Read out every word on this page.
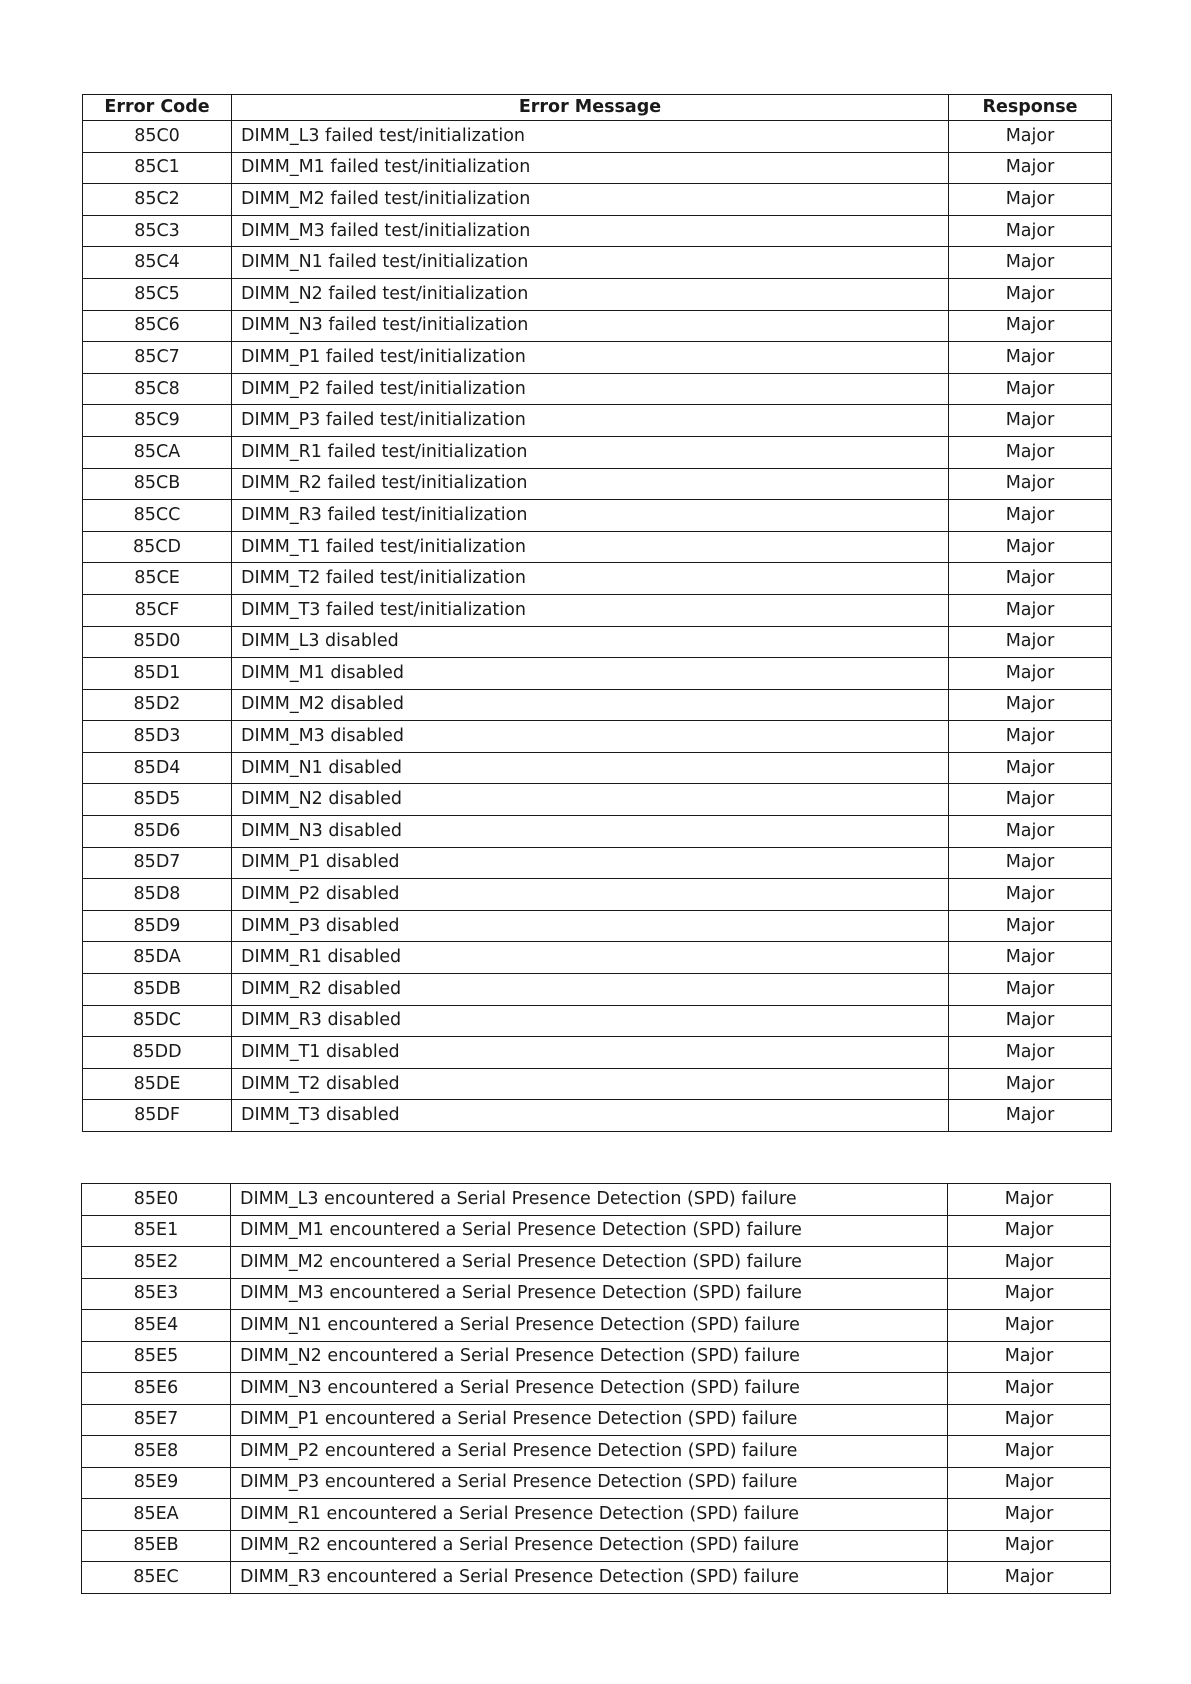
Error Code	Error Message	Response
85C0	DIMM_L3 failed test/initialization	Major
85C1	DIMM_M1 failed test/initialization	Major
85C2	DIMM_M2 failed test/initialization	Major
85C3	DIMM_M3 failed test/initialization	Major
85C4	DIMM_N1 failed test/initialization	Major
85C5	DIMM_N2 failed test/initialization	Major
85C6	DIMM_N3 failed test/initialization	Major
85C7	DIMM_P1 failed test/initialization	Major
85C8	DIMM_P2 failed test/initialization	Major
85C9	DIMM_P3 failed test/initialization	Major
85CA	DIMM_R1 failed test/initialization	Major
85CB	DIMM_R2 failed test/initialization	Major
85CC	DIMM_R3 failed test/initialization	Major
85CD	DIMM_T1 failed test/initialization	Major
85CE	DIMM_T2 failed test/initialization	Major
85CF	DIMM_T3 failed test/initialization	Major
85D0	DIMM_L3 disabled	Major
85D1	DIMM_M1 disabled	Major
85D2	DIMM_M2 disabled	Major
85D3	DIMM_M3 disabled	Major
85D4	DIMM_N1 disabled	Major
85D5	DIMM_N2 disabled	Major
85D6	DIMM_N3 disabled	Major
85D7	DIMM_P1 disabled	Major
85D8	DIMM_P2 disabled	Major
85D9	DIMM_P3 disabled	Major
85DA	DIMM_R1 disabled	Major
85DB	DIMM_R2 disabled	Major
85DC	DIMM_R3 disabled	Major
85DD	DIMM_T1 disabled	Major
85DE	DIMM_T2 disabled	Major
85DF	DIMM_T3 disabled	Major
85E0	DIMM_L3 encountered a Serial Presence Detection (SPD) failure	Major
85E1	DIMM_M1 encountered a Serial Presence Detection (SPD) failure	Major
85E2	DIMM_M2 encountered a Serial Presence Detection (SPD) failure	Major
85E3	DIMM_M3 encountered a Serial Presence Detection (SPD) failure	Major
85E4	DIMM_N1 encountered a Serial Presence Detection (SPD) failure	Major
85E5	DIMM_N2 encountered a Serial Presence Detection (SPD) failure	Major
85E6	DIMM_N3 encountered a Serial Presence Detection (SPD) failure	Major
85E7	DIMM_P1 encountered a Serial Presence Detection (SPD) failure	Major
85E8	DIMM_P2 encountered a Serial Presence Detection (SPD) failure	Major
85E9	DIMM_P3 encountered a Serial Presence Detection (SPD) failure	Major
85EA	DIMM_R1 encountered a Serial Presence Detection (SPD) failure	Major
85EB	DIMM_R2 encountered a Serial Presence Detection (SPD) failure	Major
85EC	DIMM_R3 encountered a Serial Presence Detection (SPD) failure	Major
